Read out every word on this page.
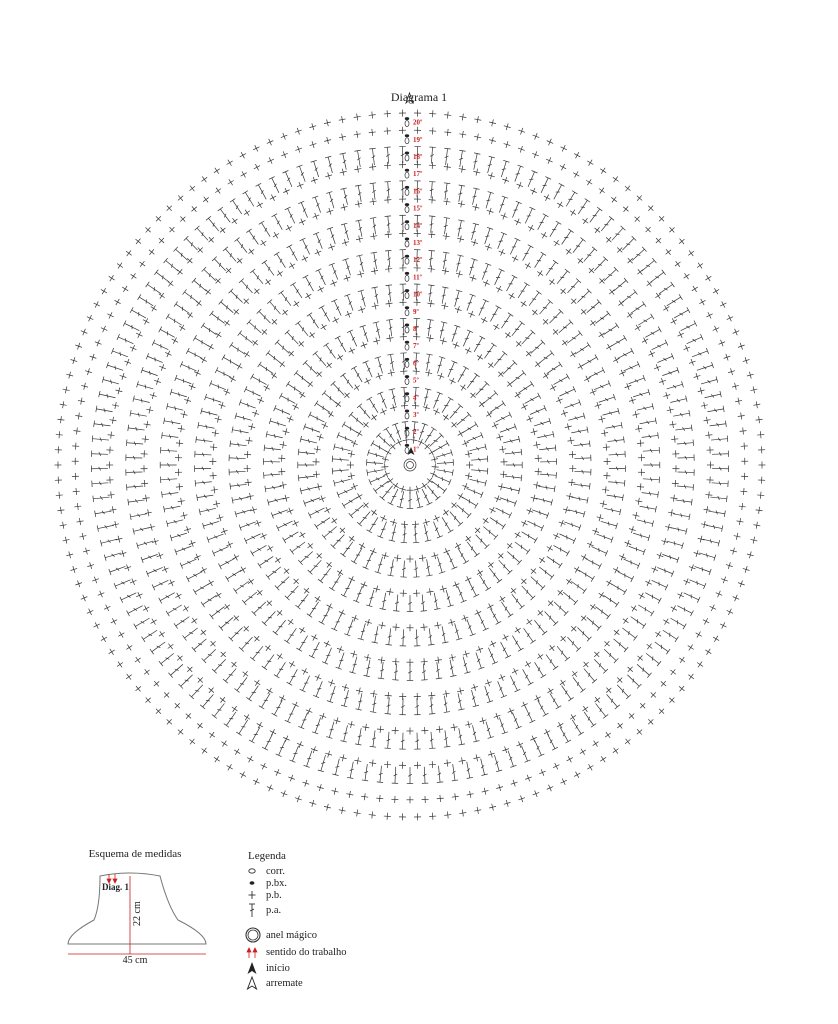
Diagrama 1
1º
2º
3º
4º
5º
6º
7º
8º
9º
10º
11º
12º
13º
14º
15º
16º
17º
18º
19º
20º
Esquema de medidas
Diag. 1
22 cm
45 cm
Legenda
corr.
p.bx.
p.b.
p.a.
anel mágico
sentido do trabalho
início
arremate
